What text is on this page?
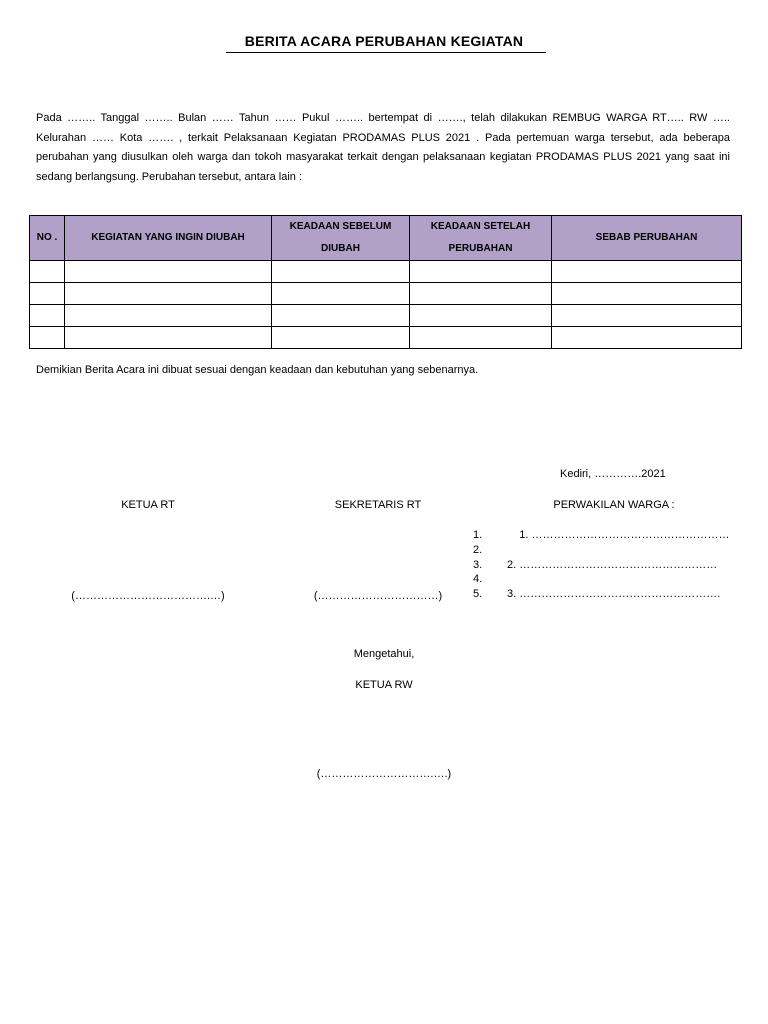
BERITA ACARA PERUBAHAN KEGIATAN

Pada …….. Tanggal …….. Bulan …… Tahun …… Pukul …….. bertempat di ……., telah dilakukan REMBUG WARGA RT….. RW ….. Kelurahan …… Kota ……. , terkait Pelaksanaan Kegiatan PRODAMAS PLUS 2021 . Pada pertemuan warga tersebut, ada beberapa perubahan yang diusulkan oleh warga dan tokoh masyarakat terkait dengan pelaksanaan kegiatan PRODAMAS PLUS 2021 yang saat ini sedang berlangsung. Perubahan tersebut, antara lain :

NO .	KEGIATAN YANG INGIN DIUBAH	KEADAAN SEBELUM DIUBAH	KEADAAN SETELAH PERUBAHAN	SEBAB PERUBAHAN

Demikian Berita Acara ini dibuat sesuai dengan keadaan dan kebutuhan yang sebenarnya.
Kediri, ………….2021
KETUA RT	SEKRETARIS RT	PERWAKILAN WARGA :
(……………………………….…)	(……………………………)
1.	1. ………………………………………………
2.
3.	2. ………………………………………………
4.
5.	3. ……………………………………………….
Mengetahui,
KETUA RW
(………………………….….)
